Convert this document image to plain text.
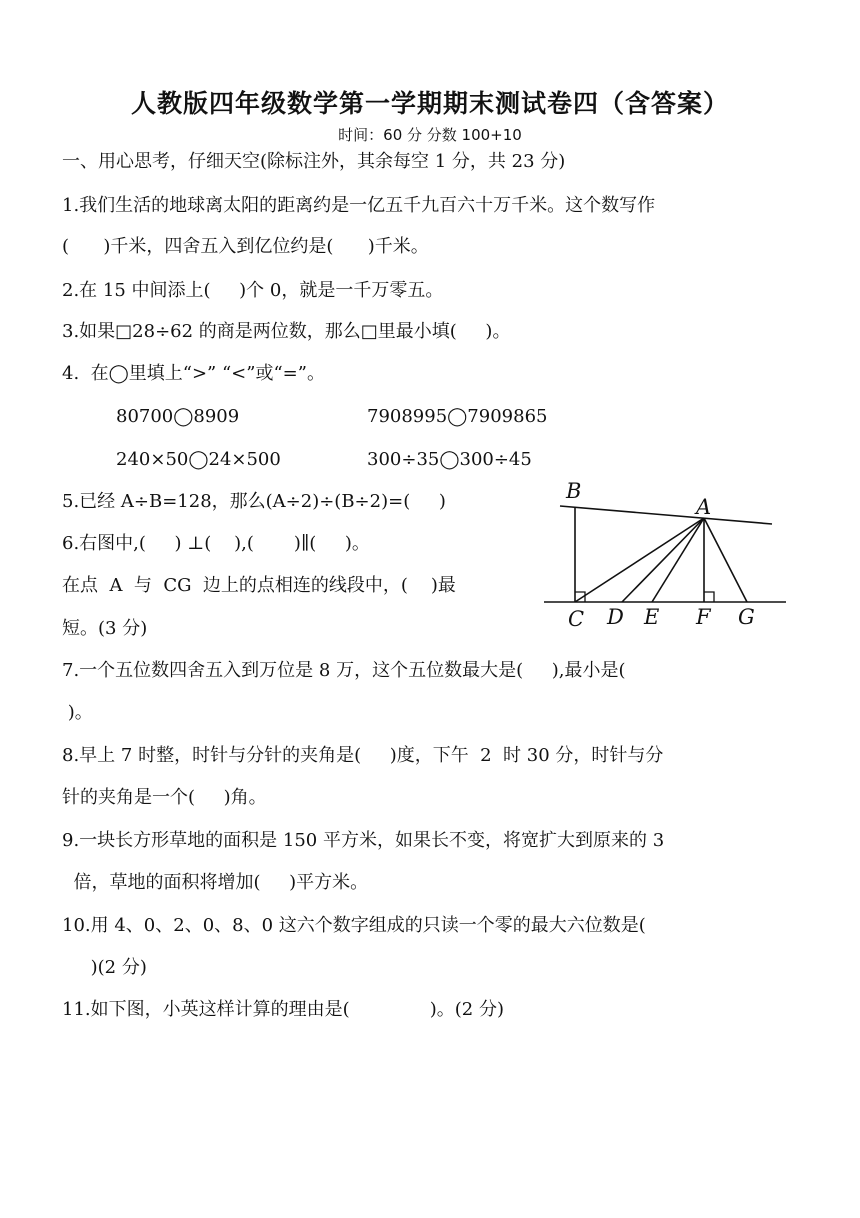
人教版四年级数学第一学期期末测试卷四（含答案）
时间：60 分 分数 100+10
一、用心思考，仔细天空(除标注外，其余每空 1 分，共 23 分)
1.我们生活的地球离太阳的距离约是一亿五千九百六十万千米。这个数写作
(      )千米，四舍五入到亿位约是(      )千米。
2.在 15 中间添上(     )个 0，就是一千万零五。
3.如果□28÷62 的商是两位数，那么□里最小填(     )。
4.  在◯里填上“>” “<”或“=”。
80700◯8909	7908995◯7909865
240×50◯24×500	300÷35◯300÷45
5.已经 A÷B=128，那么(A÷2)÷(B÷2)=(     )
6.右图中,(     ) ⊥(    ),(       )∥(     )。
在点  A  与  CG  边上的点相连的线段中，(    )最
短。(3 分)
7.一个五位数四舍五入到万位是 8 万，这个五位数最大是(     ),最小是(
)。
8.早上 7 时整，时针与分针的夹角是(     )度，下午  2  时 30 分，时针与分
针的夹角是一个(     )角。
9.一块长方形草地的面积是 150 平方米，如果长不变，将宽扩大到原来的 3
倍，草地的面积将增加(     )平方米。
10.用 4、0、2、0、8、0 这六个数字组成的只读一个零的最大六位数是(
)(2 分)
11.如下图，小英这样计算的理由是(              )。(2 分)
B
A
C D E F G
